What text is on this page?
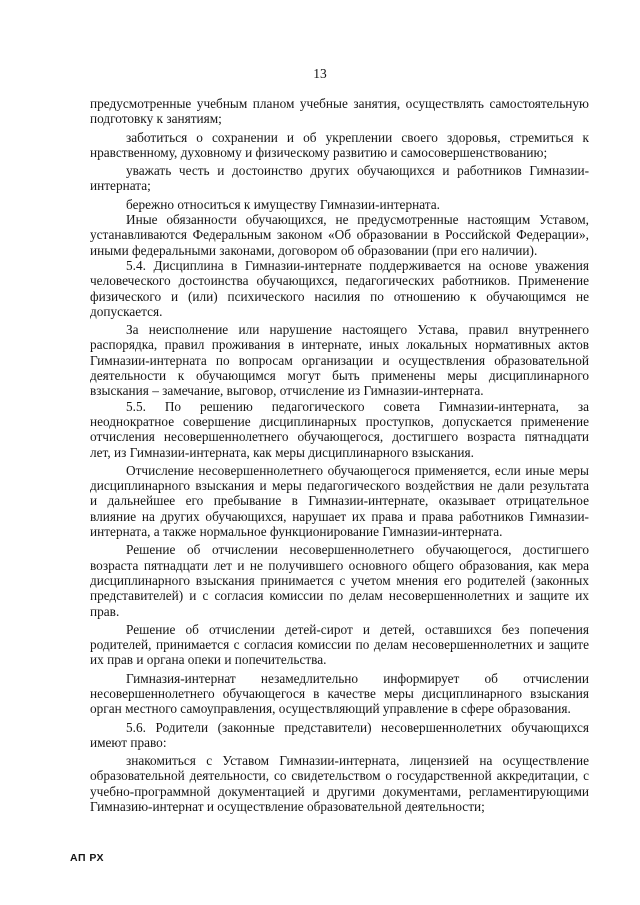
13
предусмотренные учебным планом учебные занятия, осуществлять самостоятельную
подготовку к занятиям;
заботиться о сохранении и об укреплении своего здоровья, стремиться к
нравственному, духовному и физическому развитию и самосовершенствованию;
уважать честь и достоинство других обучающихся и работников Гимназии-
интерната;
бережно относиться к имуществу Гимназии-интерната.
Иные обязанности обучающихся, не предусмотренные настоящим Уставом,
устанавливаются Федеральным законом «Об образовании в Российской Федерации»,
иными федеральными законами, договором об образовании (при его наличии).
5.4. Дисциплина в Гимназии-интернате поддерживается на основе уважения
человеческого достоинства обучающихся, педагогических работников. Применение
физического и (или) психического насилия по отношению к обучающимся не
допускается.
За неисполнение или нарушение настоящего Устава, правил внутреннего
распорядка, правил проживания в интернате, иных локальных нормативных актов
Гимназии-интерната по вопросам организации и осуществления образовательной
деятельности к обучающимся могут быть применены меры дисциплинарного
взыскания – замечание, выговор, отчисление из Гимназии-интерната.
5.5. По решению педагогического совета Гимназии-интерната, за
неоднократное совершение дисциплинарных проступков, допускается применение
отчисления несовершеннолетнего обучающегося, достигшего возраста пятнадцати
лет, из Гимназии-интерната, как меры дисциплинарного взыскания.
Отчисление несовершеннолетнего обучающегося применяется, если иные меры
дисциплинарного взыскания и меры педагогического воздействия не дали результата
и дальнейшее его пребывание в Гимназии-интернате, оказывает отрицательное
влияние на других обучающихся, нарушает их права и права работников Гимназии-
интерната, а также нормальное функционирование Гимназии-интерната.
Решение об отчислении несовершеннолетнего обучающегося, достигшего
возраста пятнадцати лет и не получившего основного общего образования, как мера
дисциплинарного взыскания принимается с учетом мнения его родителей (законных
представителей) и с согласия комиссии по делам несовершеннолетних и защите их
прав.
Решение об отчислении детей-сирот и детей, оставшихся без попечения
родителей, принимается с согласия комиссии по делам несовершеннолетних и защите
их прав и органа опеки и попечительства.
Гимназия-интернат незамедлительно информирует об отчислении
несовершеннолетнего обучающегося в качестве меры дисциплинарного взыскания
орган местного самоуправления, осуществляющий управление в сфере образования.
5.6. Родители (законные представители) несовершеннолетних обучающихся
имеют право:
знакомиться с Уставом Гимназии-интерната, лицензией на осуществление
образовательной деятельности, со свидетельством о государственной аккредитации, с
учебно-программной документацией и другими документами, регламентирующими
Гимназию-интернат и осуществление образовательной деятельности;
АП РХ
